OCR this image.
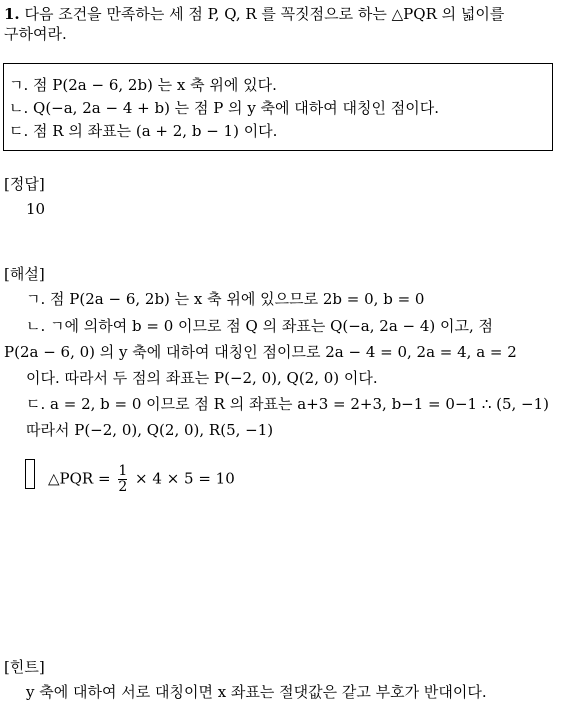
1. 다음 조건을 만족하는 세 점 P, Q, R 를 꼭짓점으로 하는 △PQR 의 넓이를
구하여라.
ㄱ. 점 P(2a − 6, 2b) 는 x 축 위에 있다.
ㄴ. Q(−a, 2a − 4 + b) 는 점 P 의 y 축에 대하여 대칭인 점이다.
ㄷ. 점 R 의 좌표는 (a + 2, b − 1) 이다.
[정답]
10
[해설]
ㄱ. 점 P(2a − 6, 2b) 는 x 축 위에 있으므로 2b = 0, b = 0
ㄴ. ㄱ에 의하여 b = 0 이므로 점 Q 의 좌표는 Q(−a, 2a − 4) 이고, 점
P(2a − 6, 0) 의 y 축에 대하여 대칭인 점이므로 2a − 4 = 0, 2a = 4, a = 2
이다. 따라서 두 점의 좌표는 P(−2, 0), Q(2, 0) 이다.
ㄷ. a = 2, b = 0 이므로 점 R 의 좌표는 a+3 = 2+3, b−1 = 0−1 ∴ (5, −1)
따라서 P(−2, 0), Q(2, 0), R(5, −1)
△PQR = $\frac{1}{2} \times 4 \times 5 = 10$
[힌트]
y 축에 대하여 서로 대칭이면 x 좌표는 절댓값은 같고 부호가 반대이다.
